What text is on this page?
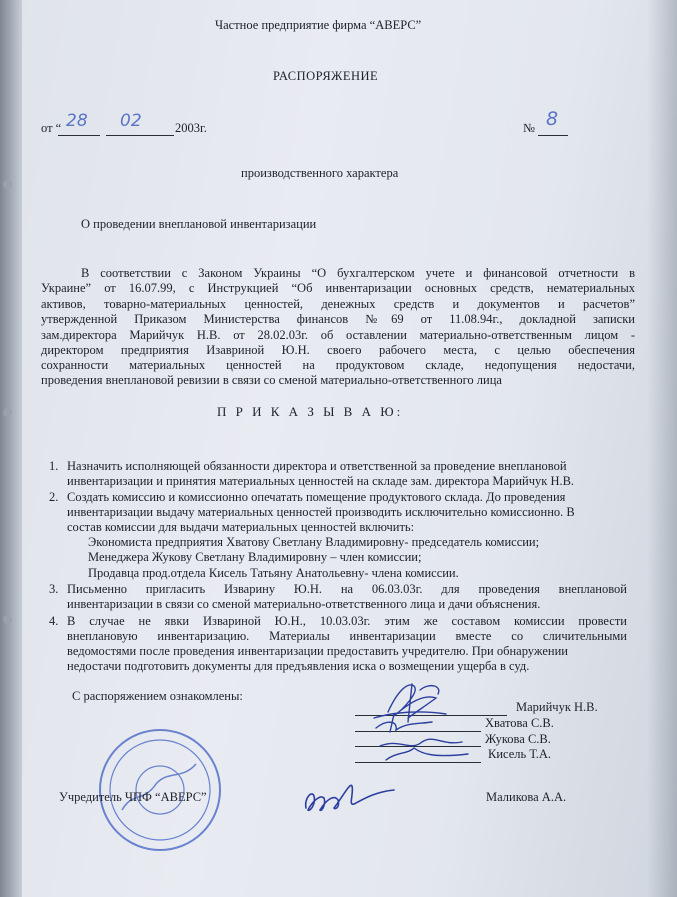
Частное предприятие фирма “АВЕРС”
РАСПОРЯЖЕНИЕ
от “ 28 02	2003г.	№ 8
производственного характера
О проведении внеплановой инвентаризации
В соответствии с Законом Украины “О бухгалтерском учете и финансовой отчетности в
Украине” от 16.07.99, с Инструкцией “Об инвентаризации основных средств, нематериальных
активов, товарно-материальных ценностей, денежных средств и документов и расчетов”
утвержденной Приказом Министерства финансов №69 от 11.08.94г., докладной записки
зам.директора Марийчук Н.В. от 28.02.03г. об оставлении материально-ответственным лицом -
директором предприятия Изавриной Ю.Н. своего рабочего места, с целью обеспечения
сохранности материальных ценностей на продуктовом складе, недопущения недостачи,
проведения внеплановой ревизии в связи со сменой материально-ответственного лица
П Р И К А З Ы В А Ю:
1. Назначить исполняющей обязанности директора и ответственной за проведение внеплановой
инвентаризации и принятия материальных ценностей на складе зам. директора Марийчук Н.В.
2. Создать комиссию и комиссионно опечатать помещение продуктового склада. До проведения
инвентаризации выдачу материальных ценностей производить исключительно комиссионно. В
состав комиссии для выдачи материальных ценностей включить:
Экономиста предприятия Хватову Светлану Владимировну- председатель комиссии;
Менеджера Жукову Светлану Владимировну – член комиссии;
Продавца прод.отдела Кисель Татьяну Анатольевну- членa комиссии.
3. Письменно пригласить Изварину Ю.Н. на 06.03.03г. для проведения внеплановой
инвентаризации в связи со сменой материально-ответственного лица и дачи объяснения.
4. В случае не явки Извариной Ю.Н., 10.03.03г. этим же составом комиссии провести
внеплановую инвентаризацию. Материалы инвентаризации вместе со сличительными
ведомостями после проведения инвентаризации предоставить учредителю. При обнаружении
недостачи подготовить документы для предъявления иска о возмещении ущерба в суд.
С распоряжением ознакомлены:
Марийчук Н.В.
Хватова С.В.
Жукова С.В.
Кисель Т.А.
Учредитель ЧПФ “АВЕРС”	Маликова А.А.
